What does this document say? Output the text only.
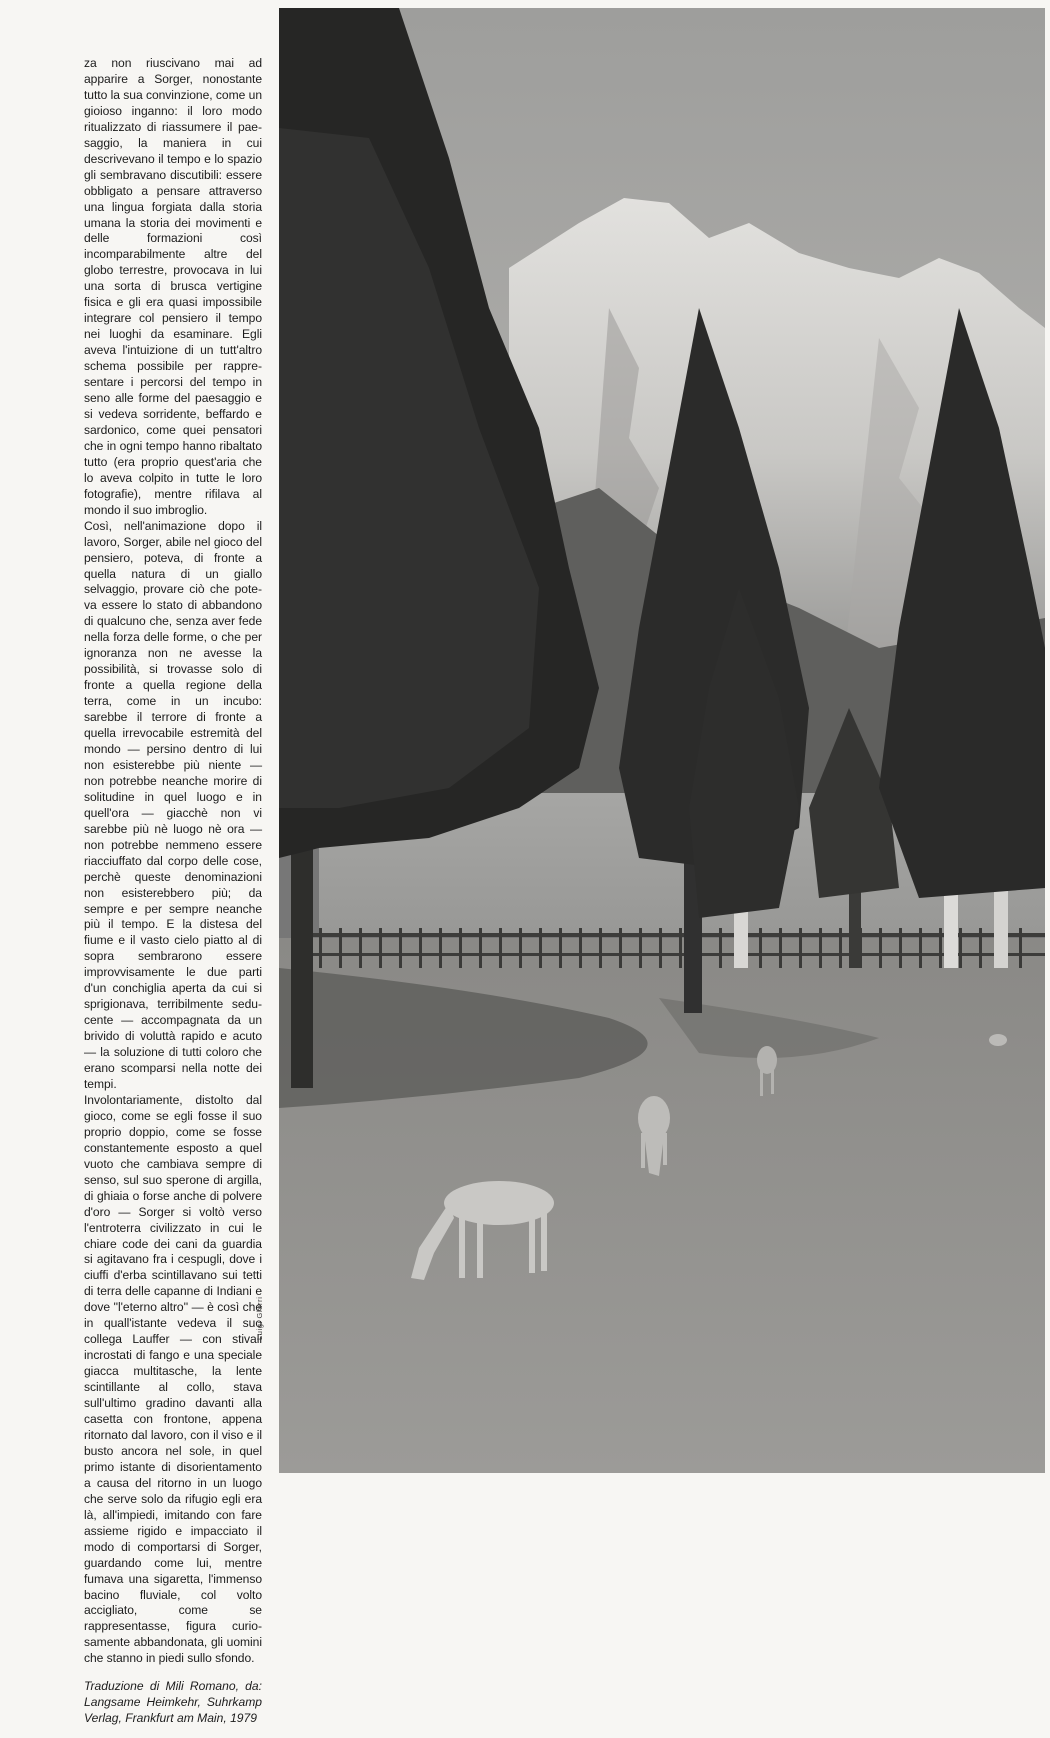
za non riuscivano mai ad apparire a Sorger, nonostante tutto la sua convinzione, come un gioioso inganno: il loro modo ritualizzato di riassumere il paesaggio, la maniera in cui descrivevano il tempo e lo spazio gli sembravano discutibili: essere obbligato a pensare attraverso una lingua forgiata dalla storia umana la storia dei movimenti e delle formazioni così incomparabilmente altre del globo terrestre, provocava in lui una sorta di brusca vertigine fisica e gli era quasi impossibile integrare col pensiero il tempo nei luoghi da esaminare. Egli aveva l'intuizione di un tutt'altro schema possibile per rappresentare i percorsi del tempo in seno alle forme del paesaggio e si vedeva sorridente, beffardo e sardonico, come quei pensatori che in ogni tempo hanno ribaltato tutto (era proprio quest'aria che lo aveva colpito in tutte le loro fotografie), mentre rifilava al mondo il suo imbroglio.

Così, nell'animazione dopo il lavoro, Sorger, abile nel gioco del pensiero, poteva, di fronte a quella natura di un giallo selvaggio, provare ciò che poteva essere lo stato di abbandono di qualcuno che, senza aver fede nella forza delle forme, o che per ignoranza non ne avesse la possibilità, si trovasse solo di fronte a quella regione della terra, come in un incubo: sarebbe il terrore di fronte a quella irrevocabile estremità del mondo — persino dentro di lui non esisterebbe più niente — non potrebbe neanche morire di solitudine in quel luogo e in quell'ora — giacchè non vi sarebbe più nè luogo nè ora — non potrebbe nemmeno essere riacciuffato dal corpo delle cose, perchè queste denominazioni non esisterebbero più; da sempre e per sempre neanche più il tempo. E la distesa del fiume e il vasto cielo piatto al di sopra sembrarono essere improvvisamente le due parti d'un conchiglia aperta da cui si sprigionava, terribilmente seducente — accompagnata da un brivido di voluttà rapido e acuto — la soluzione di tutti coloro che erano scomparsi nella notte dei tempi.

Involontariamente, distolto dal gioco, come se egli fosse il suo proprio doppio, come se fosse constantemente esposto a quel vuoto che cambiava sempre di senso, sul suo sperone di argilla, di ghiaia o forse anche di polvere d'oro — Sorger si voltò verso l'entroterra civilizzato in cui le chiare code dei cani da guardia si agitavano fra i cespugli, dove i ciuffi d'erba scintillavano sui tetti di terra delle capanne di Indiani e dove ''l'eterno altro'' — è così che in quall'istante vedeva il suo collega Lauffer — con stivali incrostati di fango e una speciale giacca multitasche, la lente scintillante al collo, stava sull'ultimo gradino davanti alla casetta con frontone, appena ritornato dal lavoro, con il viso e il busto ancora nel sole, in quel primo istante di disorientamento a causa del ritorno in un luogo che serve solo da rifugio egli era là, all'impiedi, imitando con fare assieme rigido e impacciato il modo di comportarsi di Sorger, guardando come lui, mentre fumava una sigaretta, l'immenso bacino fluviale, col volto accigliato, come se rappresentasse, figura curiosamente abbandonata, gli uomini che stanno in piedi sullo sfondo.

Traduzione di Mili Romano, da: Langsame Heimkehr, Suhrkamp Verlag, Frankfurt am Main, 1979

Luigi Ghirri
